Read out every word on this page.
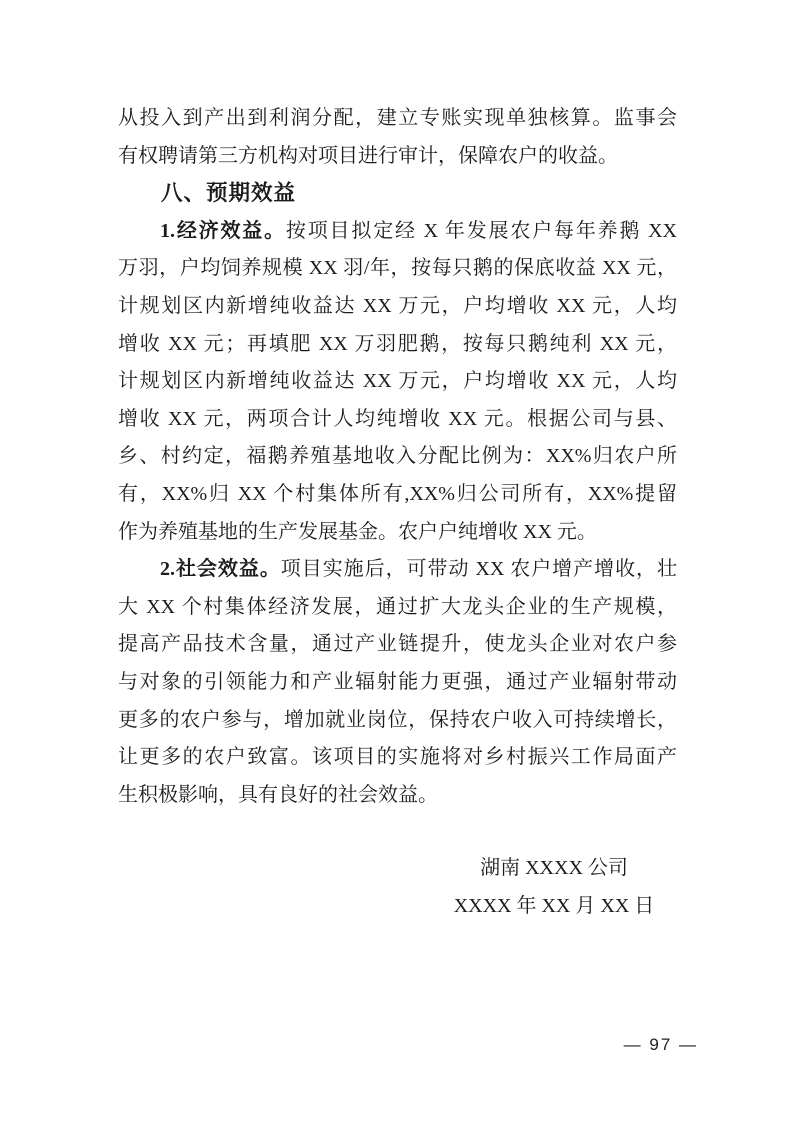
从投入到产出到利润分配，建立专账实现单独核算。监事会
有权聘请第三方机构对项目进行审计，保障农户的收益。
八、预期效益
1.经济效益。按项目拟定经 X 年发展农户每年养鹅 XX
万羽，户均饲养规模 XX 羽/年，按每只鹅的保底收益 XX 元，
计规划区内新增纯收益达 XX 万元，户均增收 XX 元，人均
增收 XX 元；再填肥 XX 万羽肥鹅，按每只鹅纯利 XX 元，
计规划区内新增纯收益达 XX 万元，户均增收 XX 元，人均
增收 XX 元，两项合计人均纯增收 XX 元。根据公司与县、
乡、村约定，福鹅养殖基地收入分配比例为：XX%归农户所
有，XX%归 XX 个村集体所有,XX%归公司所有，XX%提留
作为养殖基地的生产发展基金。农户户纯增收 XX 元。
2.社会效益。项目实施后，可带动 XX 农户增产增收，壮
大 XX 个村集体经济发展，通过扩大龙头企业的生产规模，
提高产品技术含量，通过产业链提升，使龙头企业对农户参
与对象的引领能力和产业辐射能力更强，通过产业辐射带动
更多的农户参与，增加就业岗位，保持农户收入可持续增长，
让更多的农户致富。该项目的实施将对乡村振兴工作局面产
生积极影响，具有良好的社会效益。
湖南 XXXX 公司
XXXX 年 XX 月 XX 日
— 97 —
